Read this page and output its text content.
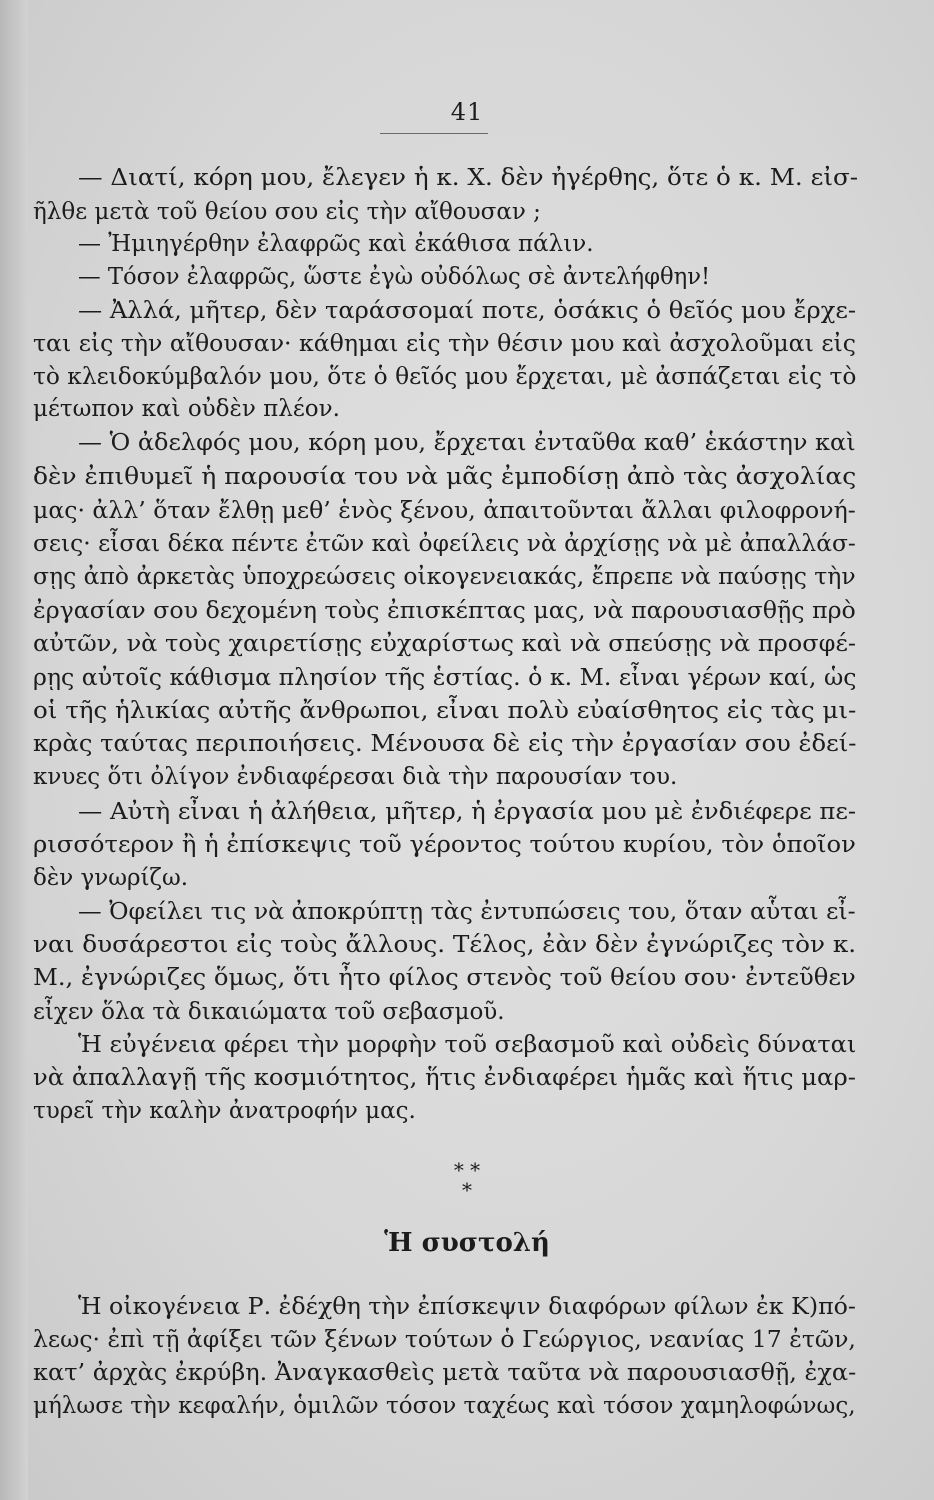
41
— Διατί, κόρη μου, ἔλεγεν ἡ κ. Χ. δὲν ἠγέρθης, ὅτε ὁ κ. Μ. εἰσ-
ῆλθε μετὰ τοῦ θείου σου εἰς τὴν αἴθουσαν ;
— Ἠμιηγέρθην ἐλαφρῶς καὶ ἐκάθισα πάλιν.
— Τόσον ἐλαφρῶς, ὥστε ἐγὼ οὐδόλως σὲ ἀντελήφθην!
— Ἀλλά, μῆτερ, δὲν ταράσσομαί ποτε, ὁσάκις ὁ θεῖός μου ἔρχε-
ται εἰς τὴν αἴθουσαν· κάθημαι εἰς τὴν θέσιν μου καὶ ἀσχολοῦμαι εἰς
τὸ κλειδοκύμβαλόν μου, ὅτε ὁ θεῖός μου ἔρχεται, μὲ ἀσπάζεται εἰς τὸ
μέτωπον καὶ οὐδὲν πλέον.
— Ὁ ἀδελφός μου, κόρη μου, ἔρχεται ἐνταῦθα καθ’ ἑκάστην καὶ
δὲν ἐπιθυμεῖ ἡ παρουσία του νὰ μᾶς ἐμποδίσῃ ἀπὸ τὰς ἀσχολίας
μας· ἀλλ’ ὅταν ἔλθῃ μεθ’ ἑνὸς ξένου, ἀπαιτοῦνται ἄλλαι φιλοφρονή-
σεις· εἶσαι δέκα πέντε ἐτῶν καὶ ὀφείλεις νὰ ἀρχίσῃς νὰ μὲ ἀπαλλάσ-
σῃς ἀπὸ ἀρκετὰς ὑποχρεώσεις οἰκογενειακάς, ἔπρεπε νὰ παύσῃς τὴν
ἐργασίαν σου δεχομένη τοὺς ἐπισκέπτας μας, νὰ παρουσιασθῇς πρὸ
αὐτῶν, νὰ τοὺς χαιρετίσῃς εὐχαρίστως καὶ νὰ σπεύσῃς νὰ προσφέ-
ρῃς αὐτοῖς κάθισμα πλησίον τῆς ἑστίας. ὁ κ. Μ. εἶναι γέρων καί, ὡς
οἱ τῆς ἡλικίας αὐτῆς ἄνθρωποι, εἶναι πολὺ εὐαίσθητος εἰς τὰς μι-
κρὰς ταύτας περιποιήσεις. Μένουσα δὲ εἰς τὴν ἐργασίαν σου ἐδεί-
κνυες ὅτι ὀλίγον ἐνδιαφέρεσαι διὰ τὴν παρουσίαν του.
— Αὐτὴ εἶναι ἡ ἀλήθεια, μῆτερ, ἡ ἐργασία μου μὲ ἐνδιέφερε πε-
ρισσότερον ἢ ἡ ἐπίσκεψις τοῦ γέροντος τούτου κυρίου, τὸν ὁποῖον
δὲν γνωρίζω.
— Ὀφείλει τις νὰ ἀποκρύπτῃ τὰς ἐντυπώσεις του, ὅταν αὗται εἶ-
ναι δυσάρεστοι εἰς τοὺς ἄλλους. Τέλος, ἐὰν δὲν ἐγνώριζες τὸν κ.
Μ., ἐγνώριζες ὅμως, ὅτι ἦτο φίλος στενὸς τοῦ θείου σου· ἐντεῦθεν
εἶχεν ὅλα τὰ δικαιώματα τοῦ σεβασμοῦ.
Ἡ εὐγένεια φέρει τὴν μορφὴν τοῦ σεβασμοῦ καὶ οὐδεὶς δύναται
νὰ ἀπαλλαγῇ τῆς κοσμιότητος, ἥτις ἐνδιαφέρει ἡμᾶς καὶ ἥτις μαρ-
τυρεῖ τὴν καλὴν ἀνατροφήν μας.
Ἡ οἰκογένεια Ρ. ἐδέχθη τὴν ἐπίσκεψιν διαφόρων φίλων ἐκ Κ)πό-
λεως· ἐπὶ τῇ ἀφίξει τῶν ξένων τούτων ὁ Γεώργιος, νεανίας 17 ἐτῶν,
κατ’ ἀρχὰς ἐκρύβη. Ἀναγκασθεὶς μετὰ ταῦτα νὰ παρουσιασθῇ, ἐχα-
μήλωσε τὴν κεφαλήν, ὁμιλῶν τόσον ταχέως καὶ τόσον χαμηλοφώνως,
* *
*
Ἡ συστολή
